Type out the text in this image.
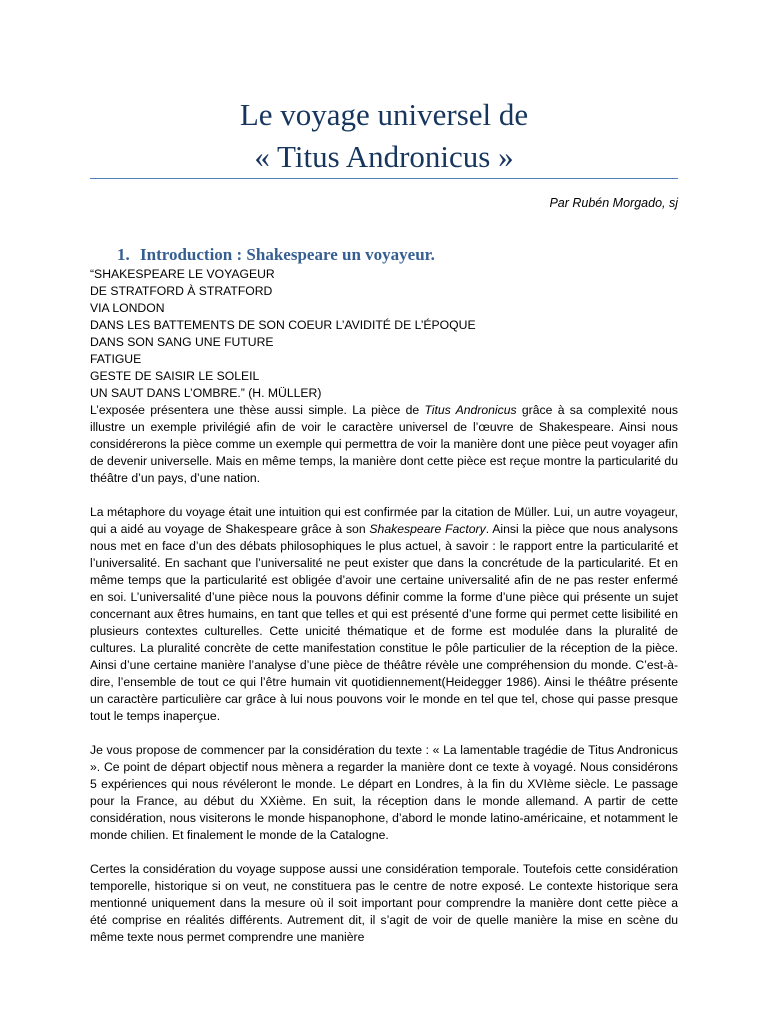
Le voyage universel de
« Titus Andronicus »
Par Rubén Morgado, sj
1. Introduction : Shakespeare un voyayeur.
“SHAKESPEARE LE VOYAGEUR
DE STRATFORD À STRATFORD
VIA LONDON
DANS LES BATTEMENTS DE SON COEUR L’AVIDITÉ DE L’ÉPOQUE
DANS SON SANG UNE FUTURE
FATIGUE
GESTE DE SAISIR LE SOLEIL
UN SAUT DANS L’OMBRE.” (H. MÜLLER)

L’exposée présentera une thèse aussi simple. La pièce de Titus Andronicus grâce à sa complexité nous illustre un exemple privilégié afin de voir le caractère universel de l’œuvre de Shakespeare. Ainsi nous considérerons la pièce comme un exemple qui permettra de voir la manière dont une pièce peut voyager afin de devenir universelle. Mais en même temps, la manière dont cette pièce est reçue montre la particularité du théâtre d’un pays, d’une nation.

La métaphore du voyage était une intuition qui est confirmée par la citation de Müller. Lui, un autre voyageur, qui a aidé au voyage de Shakespeare grâce à son Shakespeare Factory. Ainsi la pièce que nous analysons nous met en face d’un des débats philosophiques le plus actuel, à savoir : le rapport entre la particularité et l’universalité. En sachant que l’universalité ne peut exister que dans la concrétude de la particularité. Et en même temps que la particularité est obligée d’avoir une certaine universalité afin de ne pas rester enfermé en soi. L’universalité d’une pièce nous la pouvons définir comme la forme d’une pièce qui présente un sujet concernant aux êtres humains, en tant que telles et qui est présenté d’une forme qui permet cette lisibilité en plusieurs contextes culturelles. Cette unicité thématique et de forme est modulée dans la pluralité de cultures. La pluralité concrète de cette manifestation constitue le pôle particulier de la réception de la pièce. Ainsi d’une certaine manière l’analyse d’une pièce de théâtre révèle une compréhension du monde. C’est-à-dire, l’ensemble de tout ce qui l’être humain vit quotidiennement(Heidegger 1986). Ainsi le théâtre présente un caractère particulière car grâce à lui nous pouvons voir le monde en tel que tel, chose qui passe presque tout le temps inaperçue.

Je vous propose de commencer par la considération du texte : « La lamentable tragédie de Titus Andronicus ». Ce point de départ objectif nous mènera a regarder la manière dont ce texte à voyagé. Nous considérons 5 expériences qui nous révéleront le monde. Le départ en Londres, à la fin du XVIème siècle. Le passage pour la France, au début du XXième. En suit, la réception dans le monde allemand. A partir de cette considération, nous visiterons le monde hispanophone, d’abord le monde latino-américaine, et notamment le monde chilien. Et finalement le monde de la Catalogne.

Certes la considération du voyage suppose aussi une considération temporale. Toutefois cette considération temporelle, historique si on veut, ne constituera pas le centre de notre exposé. Le contexte historique sera mentionné uniquement dans la mesure où il soit important pour comprendre la manière dont cette pièce a été comprise en réalités différents. Autrement dit, il s’agit de voir de quelle manière la mise en scène du même texte nous permet comprendre une manière
